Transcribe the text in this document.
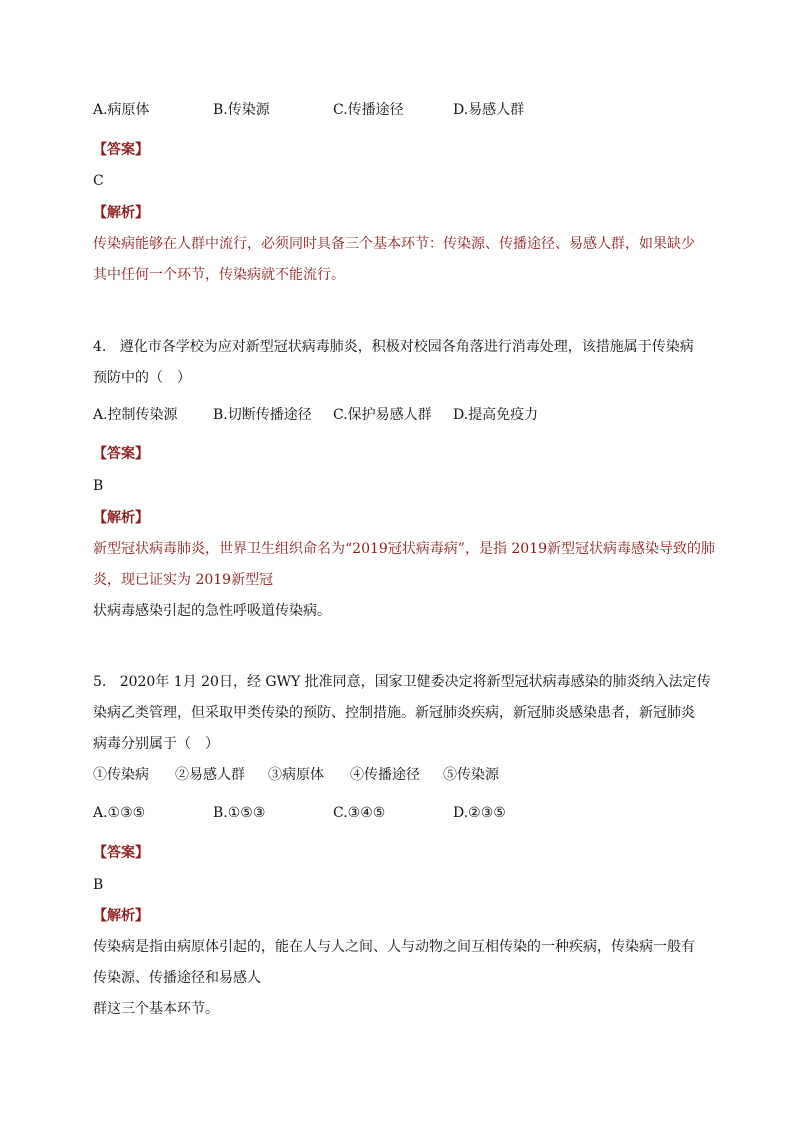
A.病原体	B.传染源	C.传播途径	D.易感人群
【答案】
C
【解析】
传染病能够在人群中流行，必须同时具备三个基本环节：传染源、传播途径、易感人群，如果缺少
其中任何一个环节，传染病就不能流行。
4.   遵化市各学校为应对新型冠状病毒肺炎，积极对校园各角落进行消毒处理，该措施属于传染病
预防中的（　）
A.控制传染源	B.切断传播途径 C.保护易感人群 D.提高免疫力
【答案】
B
【解析】
新型冠状病毒肺炎，世界卫生组织命名为“2019冠状病毒病”，是指 2019新型冠状病毒感染导致的肺
炎，现已证实为 2019新型冠
状病毒感染引起的急性呼吸道传染病。
5.   2020年 1月 20日，经 GWY 批准同意，国家卫健委决定将新型冠状病毒感染的肺炎纳入法定传
染病乙类管理，但采取甲类传染的预防、控制措施。新冠肺炎疾病，新冠肺炎感染患者，新冠肺炎
病毒分别属于（　）
①传染病 ②易感人群 ③病原体 ④传播途径 ⑤传染源
A.①③⑤	B.①⑤③	C.③④⑤	D.②③⑤
【答案】
B
【解析】
传染病是指由病原体引起的，能在人与人之间、人与动物之间互相传染的一种疾病，传染病一般有
传染源、传播途径和易感人
群这三个基本环节。
